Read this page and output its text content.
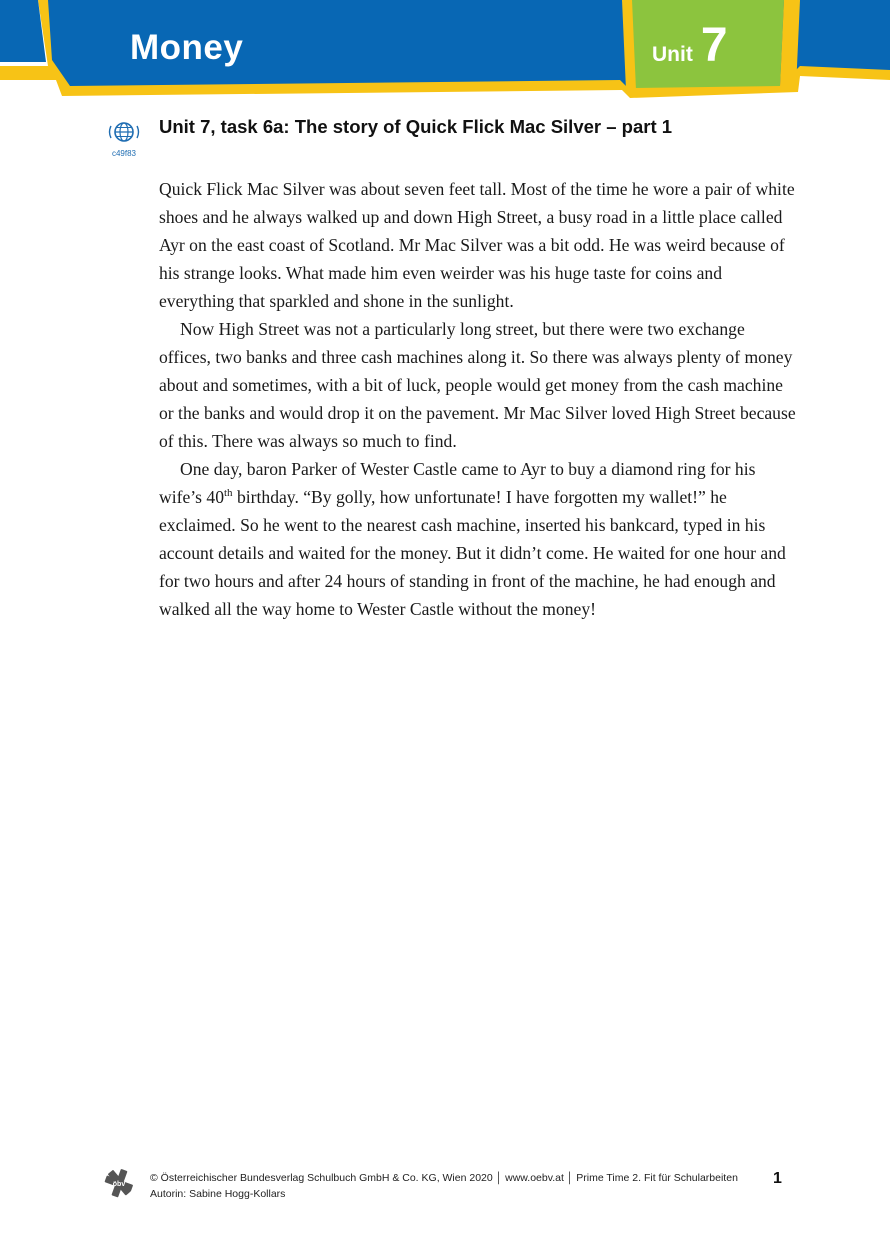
Money	Unit 7
c49f83
Unit 7, task 6a: The story of Quick Flick Mac Silver – part 1

Quick Flick Mac Silver was about seven feet tall. Most of the time he wore a pair of white shoes and he always walked up and down High Street, a busy road in a little place called Ayr on the east coast of Scotland. Mr Mac Silver was a bit odd. He was weird because of his strange looks. What made him even weirder was his huge taste for coins and everything that sparkled and shone in the sunlight.

Now High Street was not a particularly long street, but there were two exchange offices, two banks and three cash machines along it. So there was always plenty of money about and sometimes, with a bit of luck, people would get money from the cash machine or the banks and would drop it on the pavement. Mr Mac Silver loved High Street because of this. There was always so much to find.

One day, baron Parker of Wester Castle came to Ayr to buy a diamond ring for his wife’s 40th birthday. “By golly, how unfortunate! I have forgotten my wallet!” he exclaimed. So he went to the nearest cash machine, inserted his bankcard, typed in his account details and waited for the money. But it didn’t come. He waited for one hour and for two hours and after 24 hours of standing in front of the machine, he had enough and walked all the way home to Wester Castle without the money!

öbv
© Österreichischer Bundesverlag Schulbuch GmbH & Co. KG, Wien 2020 │ www.oebv.at │ Prime Time 2. Fit für Schularbeiten
Autorin: Sabine Hogg-Kollars
1
